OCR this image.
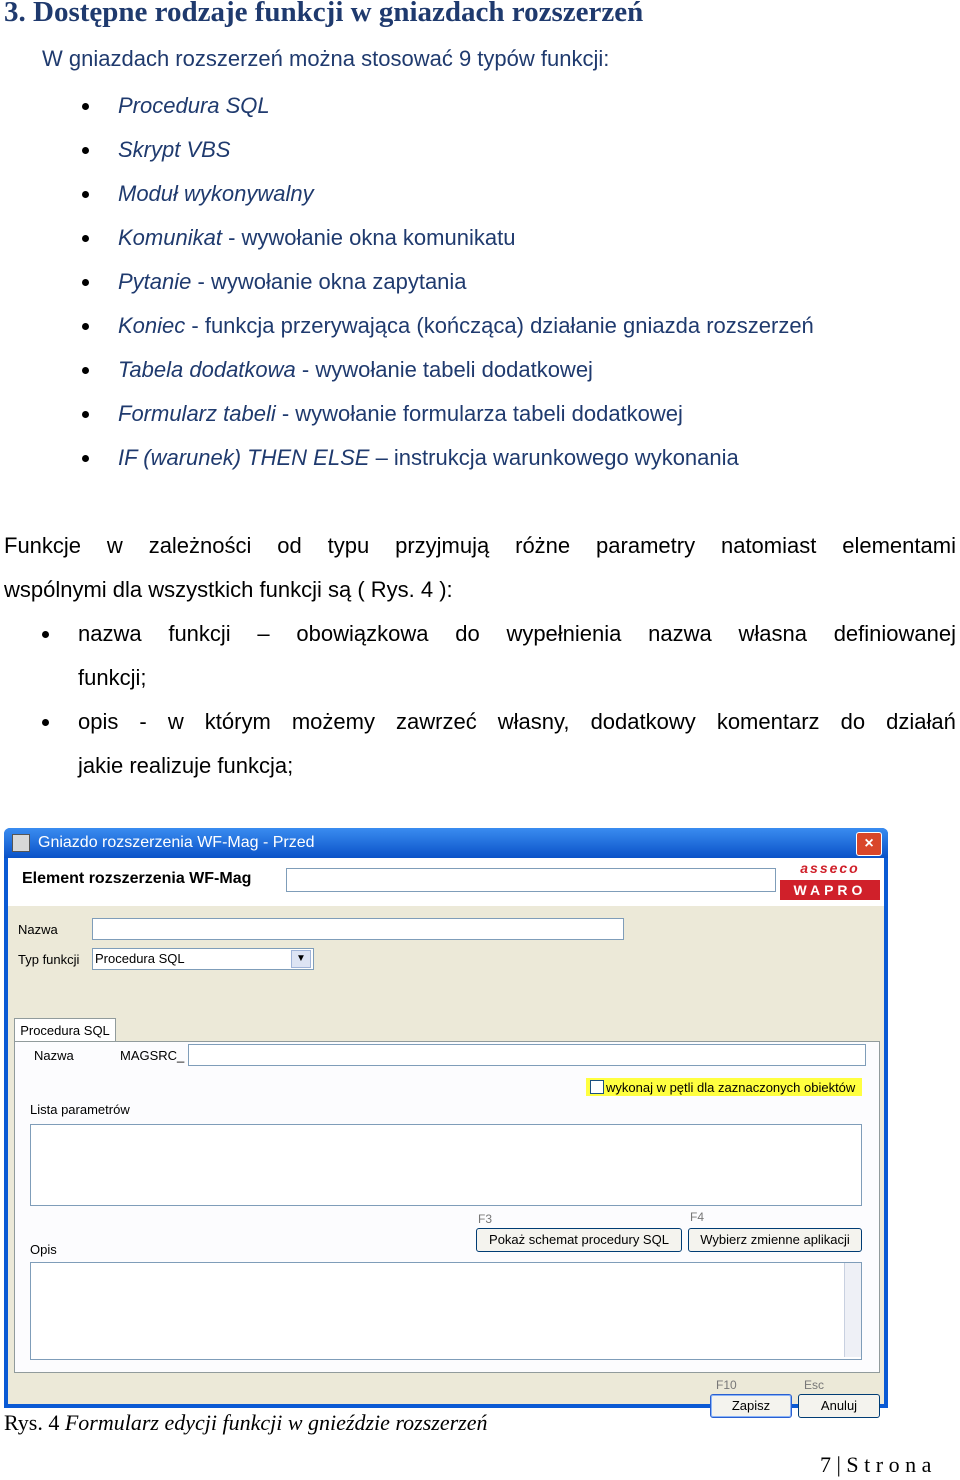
3. Dostępne rodzaje funkcji w gniazdach rozszerzeń
W gniazdach rozszerzeń można stosować 9 typów funkcji:
Procedura SQL
Skrypt VBS
Moduł wykonywalny
Komunikat - wywołanie okna komunikatu
Pytanie - wywołanie okna zapytania
Koniec - funkcja przerywająca (kończąca) działanie gniazda rozszerzeń
Tabela dodatkowa - wywołanie tabeli dodatkowej
Formularz tabeli - wywołanie formularza tabeli dodatkowej
IF (warunek) THEN ELSE – instrukcja warunkowego wykonania
Funkcje w zależności od typu przyjmują różne parametry natomiast elementami
wspólnymi dla wszystkich funkcji są ( Rys. 4 ):
nazwa funkcji – obowiązkowa do wypełnienia nazwa własna definiowanej
funkcji;
opis - w którym możemy zawrzeć własny, dodatkowy komentarz do działań
jakie realizuje funkcja;
Gniazdo rozszerzenia WF-Mag - Przed	×
Element rozszerzenia WF-Mag
asseco
WAPRO
Nazwa
Typ funkcji Procedura SQL	▼
Procedura SQL
Nazwa	MAGSRC_
wykonaj w pętli dla zaznaczonych obiektów
Lista parametrów
F3	F4
Pokaż schemat procedury SQL	Wybierz zmienne aplikacji
Opis
F10	Esc
Zapisz	Anuluj
Rys. 4 Formularz edycji funkcji w gnieździe rozszerzeń
7 | S t r o n a
